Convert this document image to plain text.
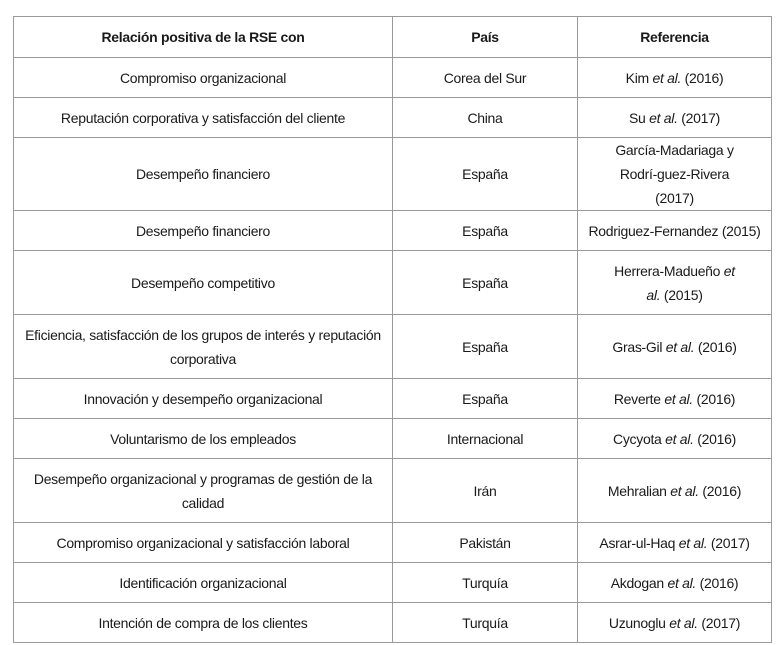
Relación positiva de la RSE con	País	Referencia
Compromiso organizacional	Corea del Sur	Kim et al. (2016)
Reputación corporativa y satisfacción del cliente	China	Su et al. (2017)
Desempeño financiero	España	García-Madariaga y Rodrí-guez-Rivera (2017)
Desempeño financiero	España	Rodriguez-Fernandez (2015)
Desempeño competitivo	España	Herrera-Madueño et al. (2015)
Eficiencia, satisfacción de los grupos de interés y reputación corporativa	España	Gras-Gil et al. (2016)
Innovación y desempeño organizacional	España	Reverte et al. (2016)
Voluntarismo de los empleados	Internacional	Cycyota et al. (2016)
Desempeño organizacional y programas de gestión de la calidad	Irán	Mehralian et al. (2016)
Compromiso organizacional y satisfacción laboral	Pakistán	Asrar-ul-Haq et al. (2017)
Identificación organizacional	Turquía	Akdogan et al. (2016)
Intención de compra de los clientes	Turquía	Uzunoglu et al. (2017)
